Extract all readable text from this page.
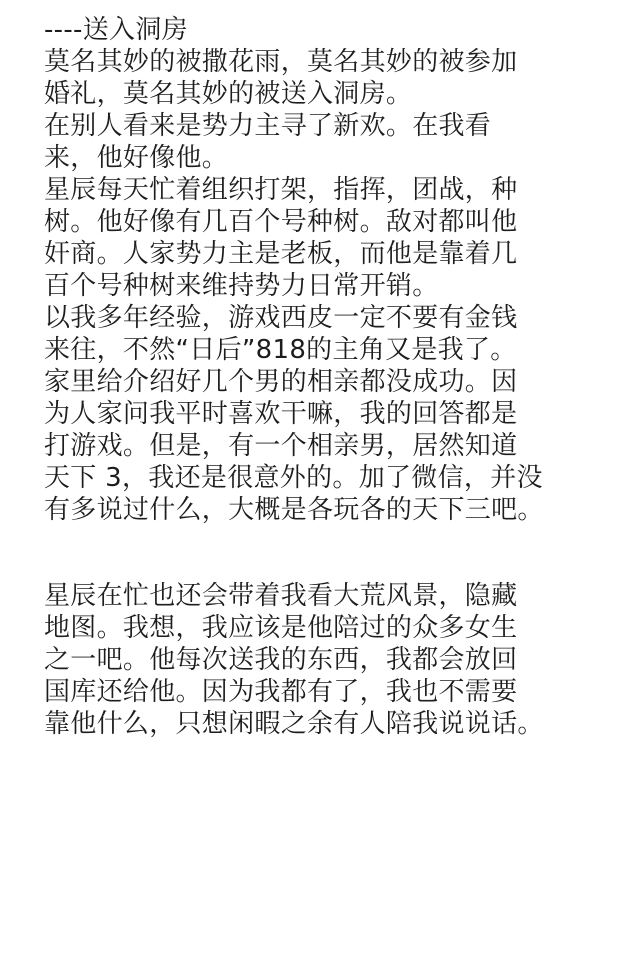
----送入洞房
莫名其妙的被撒花雨，莫名其妙的被参加
婚礼，莫名其妙的被送入洞房。
在别人看来是势力主寻了新欢。在我看
来，他好像他。
星辰每天忙着组织打架，指挥，团战，种
树。他好像有几百个号种树。敌对都叫他
奸商。人家势力主是老板，而他是靠着几
百个号种树来维持势力日常开销。
以我多年经验，游戏西皮一定不要有金钱
来往，不然“日后”818的主角又是我了。
家里给介绍好几个男的相亲都没成功。因
为人家问我平时喜欢干嘛，我的回答都是
打游戏。但是，有一个相亲男，居然知道
天下 3，我还是很意外的。加了微信，并没
有多说过什么，大概是各玩各的天下三吧。
星辰在忙也还会带着我看大荒风景，隐藏
地图。我想，我应该是他陪过的众多女生
之一吧。他每次送我的东西，我都会放回
国库还给他。因为我都有了，我也不需要
靠他什么，只想闲暇之余有人陪我说说话。
